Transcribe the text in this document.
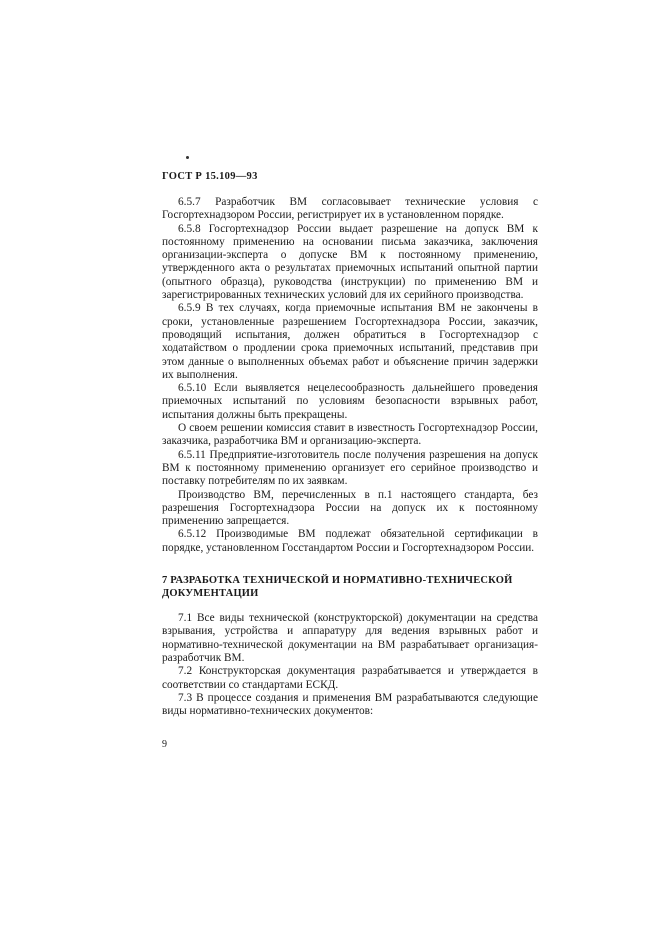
ГОСТ Р 15.109—93

6.5.7 Разработчик ВМ согласовывает технические условия с Госгортехнадзором России, регистрирует их в установленном порядке.

6.5.8 Госгортехнадзор России выдает разрешение на допуск ВМ к постоянному применению на основании письма заказчика, заключения организации-эксперта о допуске ВМ к постоянному применению, утвержденного акта о результатах приемочных испытаний опытной партии (опытного образца), руководства (инструкции) по применению ВМ и зарегистрированных технических условий для их серийного производства.

6.5.9 В тех случаях, когда приемочные испытания ВМ не закончены в сроки, установленные разрешением Госгортехнадзора России, заказчик, проводящий испытания, должен обратиться в Госгортехнадзор с ходатайством о продлении срока приемочных испытаний, представив при этом данные о выполненных объемах работ и объяснение причин задержки их выполнения.

6.5.10 Если выявляется нецелесообразность дальнейшего проведения приемочных испытаний по условиям безопасности взрывных работ, испытания должны быть прекращены.

О своем решении комиссия ставит в известность Госгортехнадзор России, заказчика, разработчика ВМ и организацию-эксперта.

6.5.11 Предприятие-изготовитель после получения разрешения на допуск ВМ к постоянному применению организует его серийное производство и поставку потребителям по их заявкам.

Производство ВМ, перечисленных в п.1 настоящего стандарта, без разрешения Госгортехнадзора России на допуск их к постоянному применению запрещается.

6.5.12 Производимые ВМ подлежат обязательной сертификации в порядке, установленном Госстандартом России и Госгортехнадзором России.

7 РАЗРАБОТКА ТЕХНИЧЕСКОЙ И НОРМАТИВНО-ТЕХНИЧЕСКОЙ ДОКУМЕНТАЦИИ

7.1 Все виды технической (конструкторской) документации на средства взрывания, устройства и аппаратуру для ведения взрывных работ и нормативно-технической документации на ВМ разрабатывает организация-разработчик ВМ.

7.2 Конструкторская документация разрабатывается и утверждается в соответствии со стандартами ЕСКД.

7.3 В процессе создания и применения ВМ разрабатываются следующие виды нормативно-технических документов:

9
